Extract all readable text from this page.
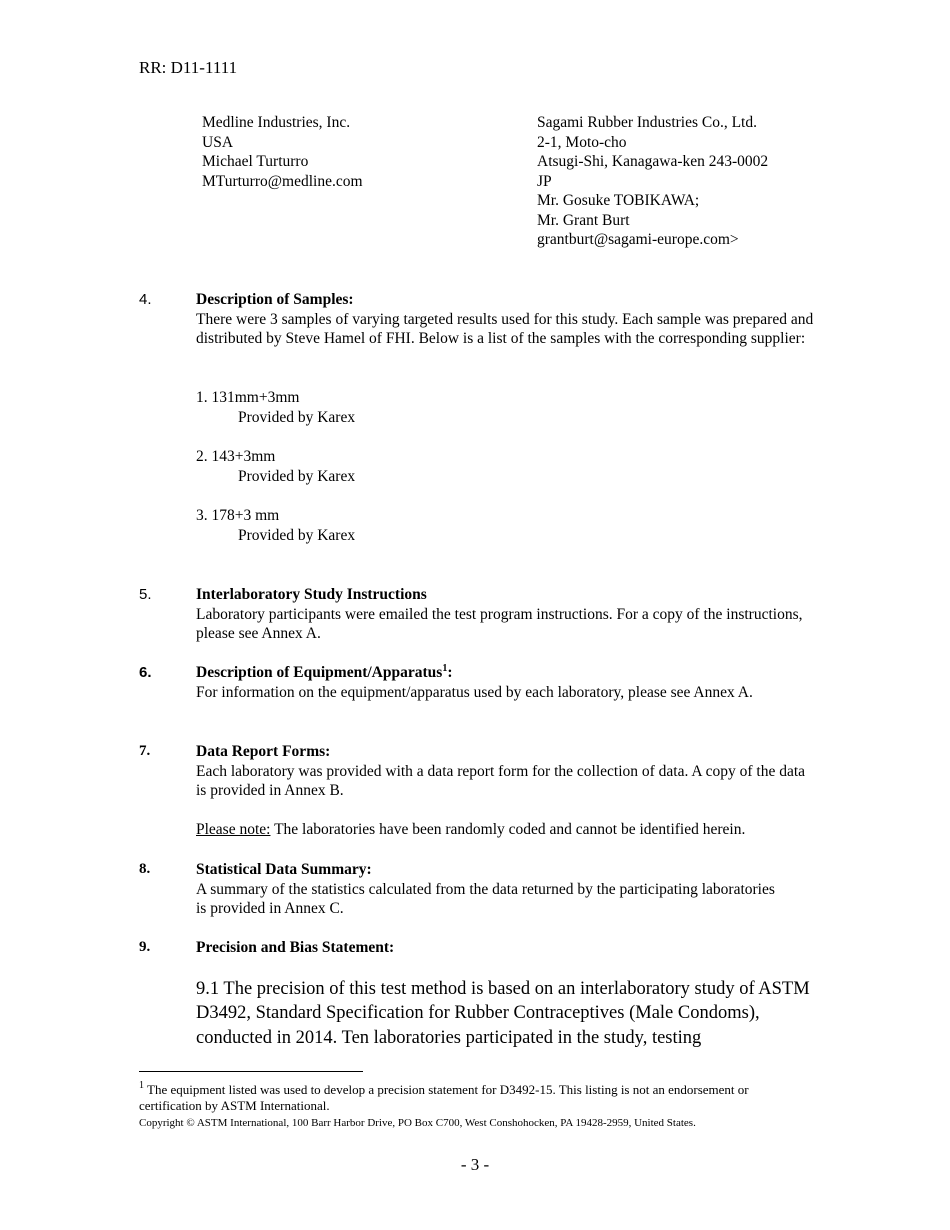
RR: D11-1111
Medline Industries, Inc.
USA
Michael Turturro
MTurturro@medline.com
Sagami Rubber Industries Co., Ltd.
2-1, Moto-cho
Atsugi-Shi, Kanagawa-ken 243-0002
JP
Mr. Gosuke TOBIKAWA;
Mr. Grant Burt
grantburt@sagami-europe.com>
4.	Description of Samples:
There were 3 samples of varying targeted results used for this study. Each sample was prepared and distributed by Steve Hamel of FHI. Below is a list of the samples with the corresponding supplier:
1. 131mm+3mm
Provided by Karex
2. 143+3mm
Provided by Karex
3. 178+3 mm
Provided by Karex
5.	Interlaboratory Study Instructions
Laboratory participants were emailed the test program instructions. For a copy of the instructions, please see Annex A.
6.	Description of Equipment/Apparatus$^1$:
For information on the equipment/apparatus used by each laboratory, please see Annex A.
7.	Data Report Forms:
Each laboratory was provided with a data report form for the collection of data. A copy of the data is provided in Annex B.
Please note: The laboratories have been randomly coded and cannot be identified herein.
8.	Statistical Data Summary:
A summary of the statistics calculated from the data returned by the participating laboratories is provided in Annex C.
9.	Precision and Bias Statement:
9.1 The precision of this test method is based on an interlaboratory study of ASTM D3492, Standard Specification for Rubber Contraceptives (Male Condoms), conducted in 2014. Ten laboratories participated in the study, testing
$^1$ The equipment listed was used to develop a precision statement for D3492-15. This listing is not an endorsement or certification by ASTM International.
Copyright © ASTM International, 100 Barr Harbor Drive, PO Box C700, West Conshohocken, PA 19428-2959, United States.
- 3 -
